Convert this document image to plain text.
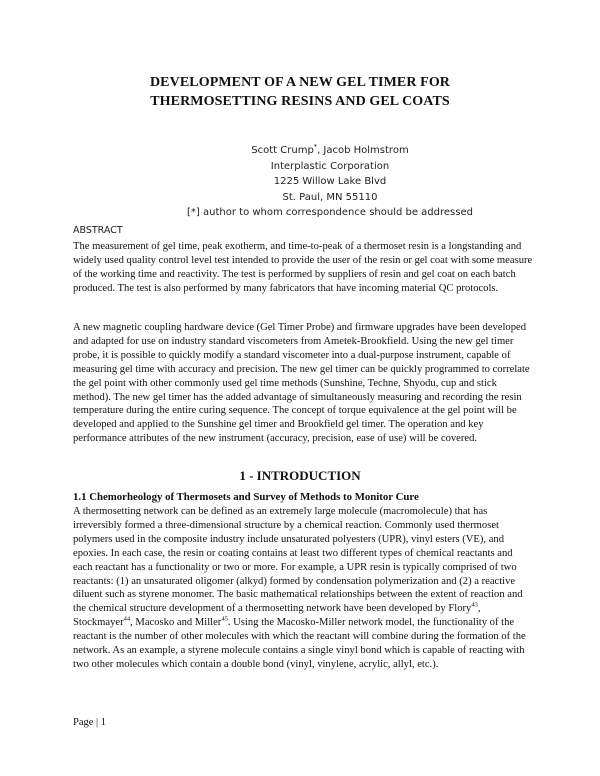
DEVELOPMENT OF A NEW GEL TIMER FOR
THERMOSETTING RESINS AND GEL COATS
Scott Crump*, Jacob Holmstrom
Interplastic Corporation
1225 Willow Lake Blvd
St. Paul, MN 55110
[*] author to whom correspondence should be addressed
ABSTRACT
The measurement of gel time, peak exotherm, and time-to-peak of a thermoset resin is a longstanding and widely used quality control level test intended to provide the user of the resin or gel coat with some measure of the working time and reactivity. The test is performed by suppliers of resin and gel coat on each batch produced. The test is also performed by many fabricators that have incoming material QC protocols.
A new magnetic coupling hardware device (Gel Timer Probe) and firmware upgrades have been developed and adapted for use on industry standard viscometers from Ametek-Brookfield. Using the new gel timer probe, it is possible to quickly modify a standard viscometer into a dual-purpose instrument, capable of measuring gel time with accuracy and precision. The new gel timer can be quickly programmed to correlate the gel point with other commonly used gel time methods (Sunshine, Techne, Shyodu, cup and stick method). The new gel timer has the added advantage of simultaneously measuring and recording the resin temperature during the entire curing sequence. The concept of torque equivalence at the gel point will be developed and applied to the Sunshine gel timer and Brookfield gel timer. The operation and key performance attributes of the new instrument (accuracy, precision, ease of use) will be covered.
1 - INTRODUCTION
1.1 Chemorheology of Thermosets and Survey of Methods to Monitor Cure
A thermosetting network can be defined as an extremely large molecule (macromolecule) that has irreversibly formed a three-dimensional structure by a chemical reaction. Commonly used thermoset polymers used in the composite industry include unsaturated polyesters (UPR), vinyl esters (VE), and epoxies. In each case, the resin or coating contains at least two different types of chemical reactants and each reactant has a functionality or two or more. For example, a UPR resin is typically comprised of two reactants: (1) an unsaturated oligomer (alkyd) formed by condensation polymerization and (2) a reactive diluent such as styrene monomer. The basic mathematical relationships between the extent of reaction and the chemical structure development of a thermosetting network have been developed by Flory$^{43}$, Stockmayer$^{44}$, Macosko and Miller$^{45}$. Using the Macosko-Miller network model, the functionality of the reactant is the number of other molecules with which the reactant will combine during the formation of the network. As an example, a styrene molecule contains a single vinyl bond which is capable of reacting with two other molecules which contain a double bond (vinyl, vinylene, acrylic, allyl, etc.).
Page | 1
